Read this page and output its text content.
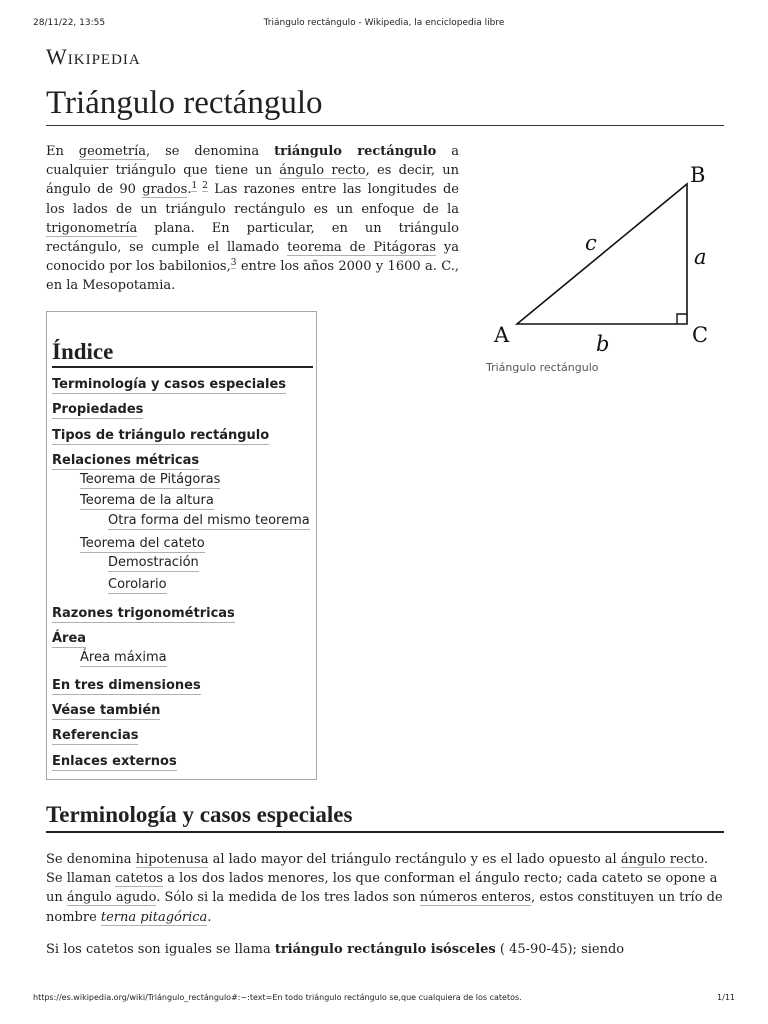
28/11/22, 13:55	Triángulo rectángulo - Wikipedia, la enciclopedia libre
Wikipedia
Triángulo rectángulo
En geometría, se denomina triángulo rectángulo a cualquier triángulo que tiene un ángulo recto, es decir, un ángulo de 90 grados.$^{1 2}$ Las razones entre las longitudes de los lados de un triángulo rectángulo es un enfoque de la trigonometría plana. En particular, en un triángulo rectángulo, se cumple el llamado teorema de Pitágoras ya conocido por los babilonios,$^3$ entre los años 2000 y 1600 a. C., en la Mesopotamia.
A
B
C
a
b
c
Triángulo rectángulo
Índice
Terminología y casos especiales
Propiedades
Tipos de triángulo rectángulo
Relaciones métricas
Teorema de Pitágoras
Teorema de la altura
Otra forma del mismo teorema
Teorema del cateto
Demostración
Corolario
Razones trigonométricas
Área
Área máxima
En tres dimensiones
Véase también
Referencias
Enlaces externos
Terminología y casos especiales
Se denomina hipotenusa al lado mayor del triángulo rectángulo y es el lado opuesto al ángulo recto. Se llaman catetos a los dos lados menores, los que conforman el ángulo recto; cada cateto se opone a un ángulo agudo. Sólo si la medida de los tres lados son números enteros, estos constituyen un trío de nombre terna pitagórica.
Si los catetos son iguales se llama triángulo rectángulo isósceles ( 45-90-45); siendo
https://es.wikipedia.org/wiki/Triángulo_rectángulo#:~:text=En todo triángulo rectángulo se,que cualquiera de los catetos.	1/11
